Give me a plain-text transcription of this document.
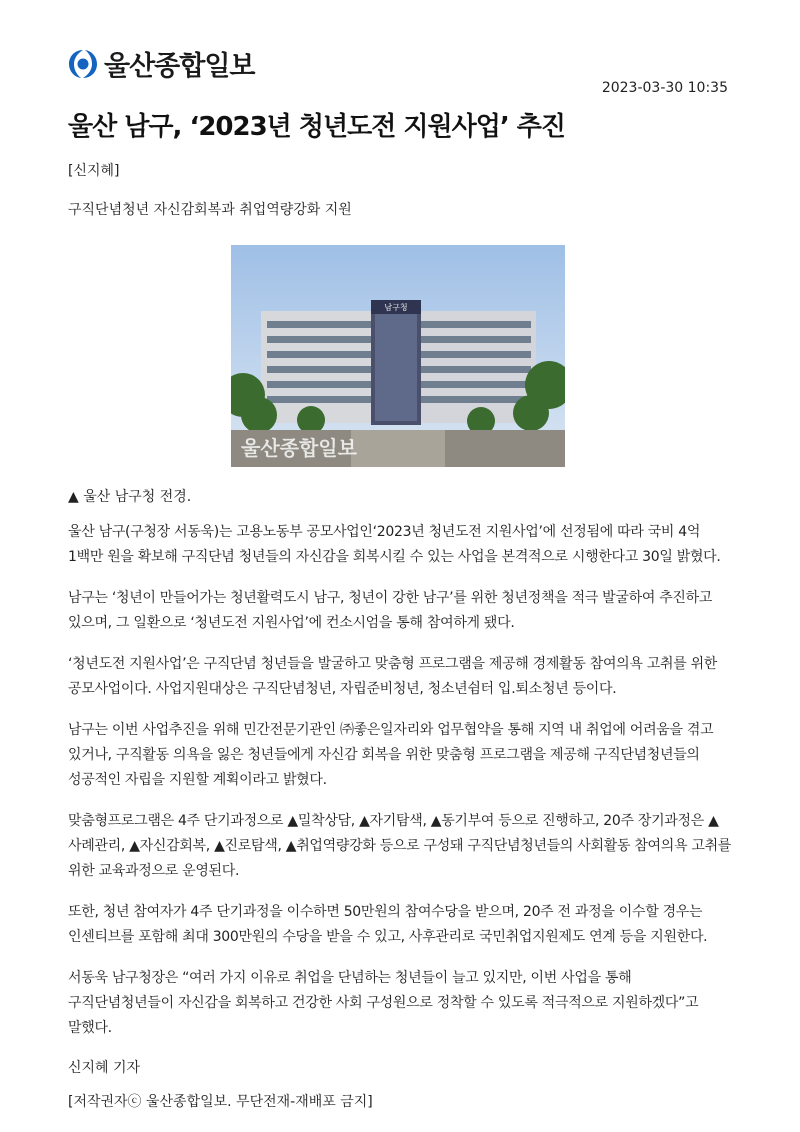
울산종합일보
2023-03-30 10:35
울산 남구, ‘2023년 청년도전 지원사업’ 추진
[신지혜]
구직단념청년 자신감회복과 취업역량강화 지원
남구청
울산종합일보
▲ 울산 남구청 전경.

울산 남구(구청장 서동욱)는 고용노동부 공모사업인‘2023년 청년도전 지원사업’에 선정됨에 따라 국비 4억 1백만 원을 확보해 구직단념 청년들의 자신감을 회복시킬 수 있는 사업을 본격적으로 시행한다고 30일 밝혔다.

남구는 ‘청년이 만들어가는 청년활력도시 남구, 청년이 강한 남구’를 위한 청년정책을 적극 발굴하여 추진하고 있으며, 그 일환으로 ‘청년도전 지원사업’에 컨소시엄을 통해 참여하게 됐다.

‘청년도전 지원사업’은 구직단념 청년들을 발굴하고 맞춤형 프로그램을 제공해 경제활동 참여의욕 고취를 위한 공모사업이다. 사업지원대상은 구직단념청년, 자립준비청년, 청소년쉼터 입․퇴소청년 등이다.

남구는 이번 사업추진을 위해 민간전문기관인 ㈜좋은일자리와 업무협약을 통해 지역 내 취업에 어려움을 겪고 있거나, 구직활동 의욕을 잃은 청년들에게 자신감 회복을 위한 맞춤형 프로그램을 제공해 구직단념청년들의 성공적인 자립을 지원할 계획이라고 밝혔다.

맞춤형프로그램은 4주 단기과정으로 ▲밀착상담, ▲자기탐색, ▲동기부여 등으로 진행하고, 20주 장기과정은 ▲사례관리, ▲자신감회복, ▲진로탐색, ▲취업역량강화 등으로 구성돼 구직단념청년들의 사회활동 참여의욕 고취를 위한 교육과정으로 운영된다.

또한, 청년 참여자가 4주 단기과정을 이수하면 50만원의 참여수당을 받으며, 20주 전 과정을 이수할 경우는 인센티브를 포함해 최대 300만원의 수당을 받을 수 있고, 사후관리로 국민취업지원제도 연계 등을 지원한다.

서동욱 남구청장은 “여러 가지 이유로 취업을 단념하는 청년들이 늘고 있지만, 이번 사업을 통해 구직단념청년들이 자신감을 회복하고 건강한 사회 구성원으로 정착할 수 있도록 적극적으로 지원하겠다”고 말했다.

신지혜 기자

[저작권자ⓒ 울산종합일보. 무단전재-재배포 금지]
